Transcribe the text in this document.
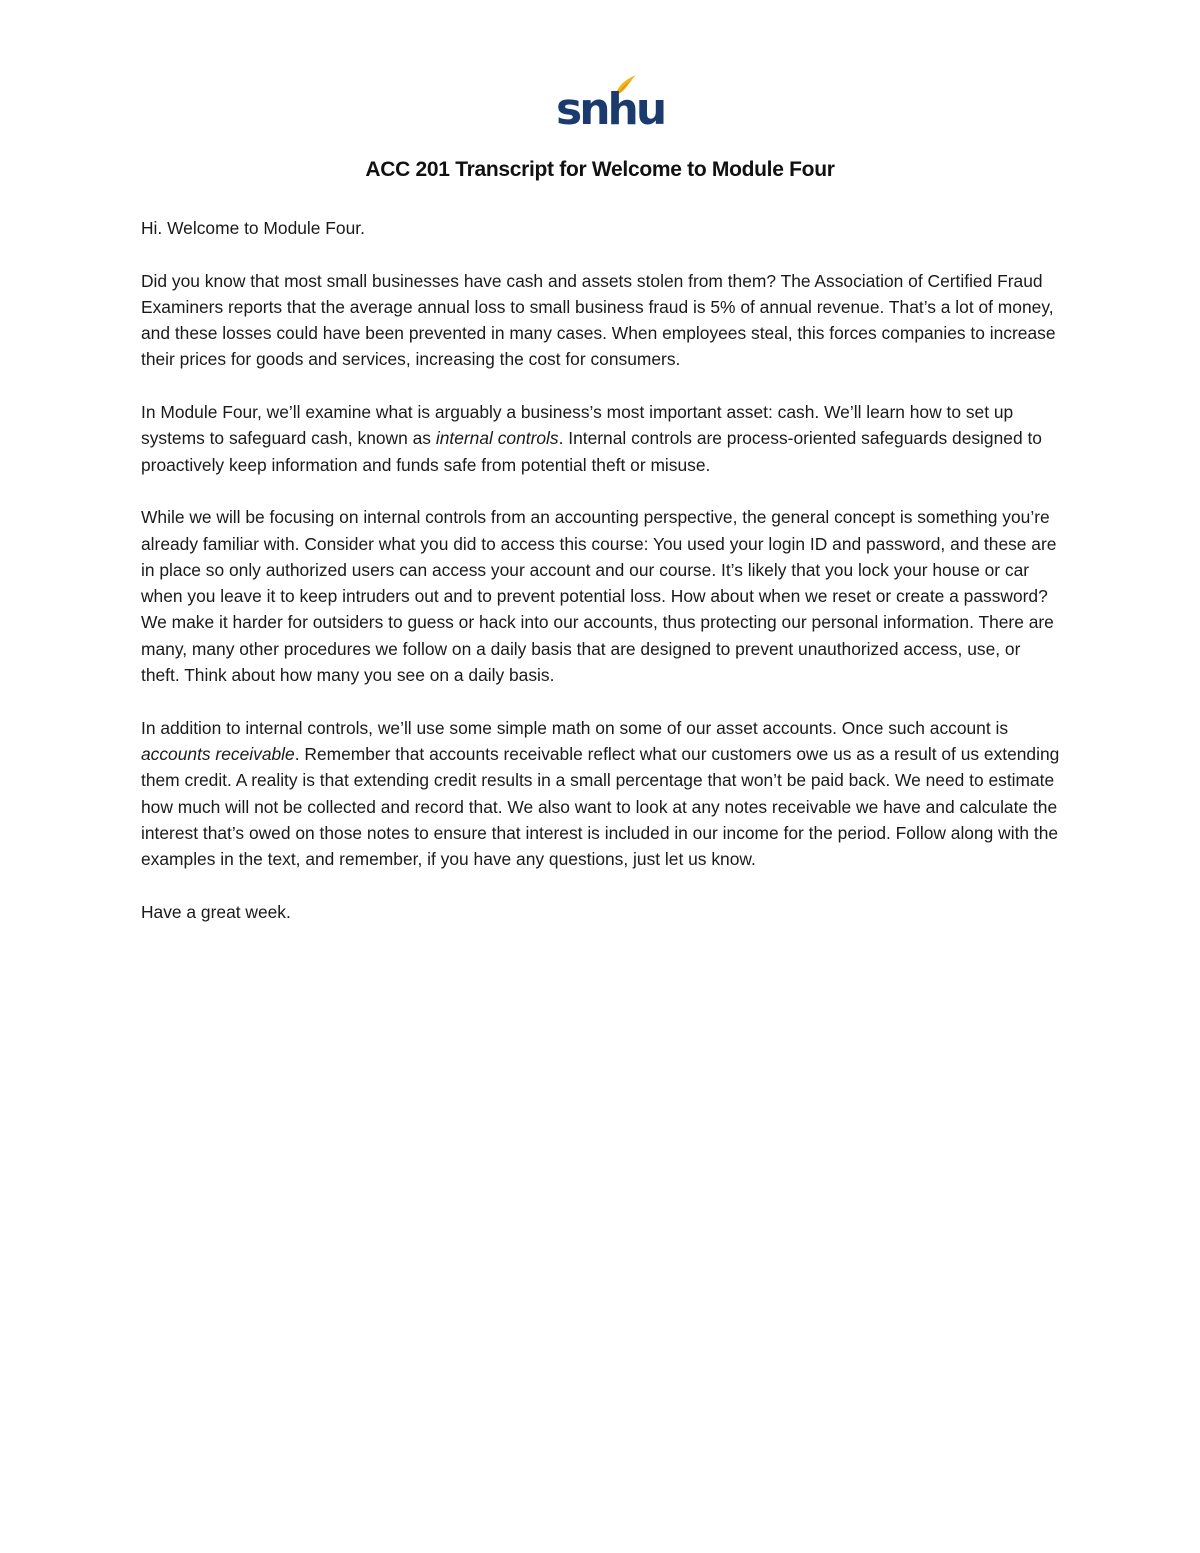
snhu
ACC 201 Transcript for Welcome to Module Four

Hi. Welcome to Module Four.

Did you know that most small businesses have cash and assets stolen from them? The Association of Certified Fraud Examiners reports that the average annual loss to small business fraud is 5% of annual revenue. That’s a lot of money, and these losses could have been prevented in many cases. When employees steal, this forces companies to increase their prices for goods and services, increasing the cost for consumers.

In Module Four, we’ll examine what is arguably a business’s most important asset: cash. We’ll learn how to set up systems to safeguard cash, known as internal controls. Internal controls are process-oriented safeguards designed to proactively keep information and funds safe from potential theft or misuse.

While we will be focusing on internal controls from an accounting perspective, the general concept is something you’re already familiar with. Consider what you did to access this course: You used your login ID and password, and these are in place so only authorized users can access your account and our course. It’s likely that you lock your house or car when you leave it to keep intruders out and to prevent potential loss. How about when we reset or create a password? We make it harder for outsiders to guess or hack into our accounts, thus protecting our personal information. There are many, many other procedures we follow on a daily basis that are designed to prevent unauthorized access, use, or theft. Think about how many you see on a daily basis.

In addition to internal controls, we’ll use some simple math on some of our asset accounts. Once such account is accounts receivable. Remember that accounts receivable reflect what our customers owe us as a result of us extending them credit. A reality is that extending credit results in a small percentage that won’t be paid back. We need to estimate how much will not be collected and record that. We also want to look at any notes receivable we have and calculate the interest that’s owed on those notes to ensure that interest is included in our income for the period. Follow along with the examples in the text, and remember, if you have any questions, just let us know.

Have a great week.
